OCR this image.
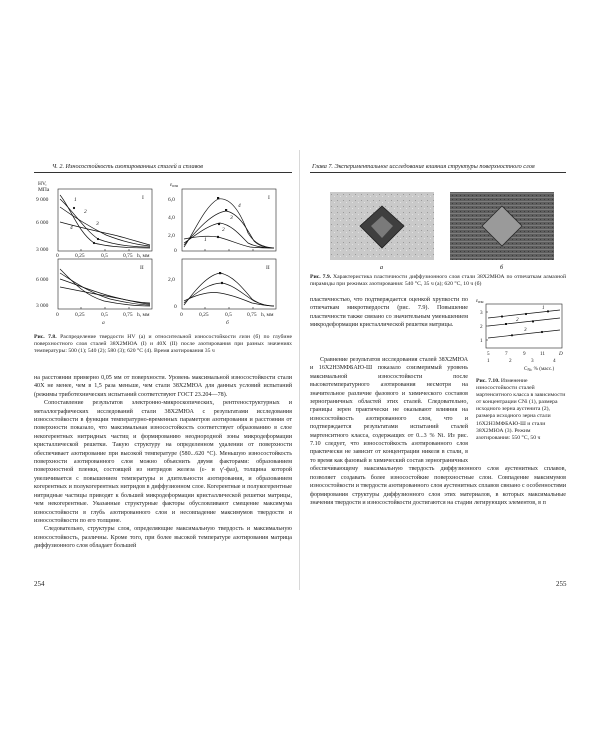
Ч. 2. Износостойкость азотированных сталей и сплавов
HV,
МПа
9 000
6 000
3 000
6 000
3 000
εизн
6,0
4,0
2,0
0
2,0
0
0	0,25	0,5	0,75 h, мм
0	0,25	0,5	0,75 h, мм	0	0,25	0,5	0,75 h, мм
а	б
I
II
I
II
1
2
3
4
4
3
2
1

Рис. 7.8. Распределение твердости HV (а) и относительной износостойкости εизн (б) по глубине поверхностного слоя сталей 38Х2МЮА (I) и 40Х (II) после азотирования при разных значениях температуры: 500 (1); 540 (2); 580 (3); 620 °C (4). Время азотирования 35 ч

на расстоянии примерно 0,05 мм от поверхности. Уровень максимальной износостойкости стали 40Х не менее, чем в 1,5 раза меньше, чем стали 38Х2МЮА для данных условий испытаний (режимы триботехнических испытаний соответствуют ГОСТ 23.204—78).

Сопоставление результатов электронно-микроскопических, рентгеноструктурных и металлографических исследований стали 38Х2МЮА с результатами исследования износостойкости в функции температурно-временных параметров азотирования и расстояния от поверхности показало, что максимальная износостойкость соответствует образованию в слое некогерентных нитридных частиц и формированию неоднородной зоны микродеформации кристаллической решетки. Такую структуру на определенном удалении от поверхности обеспечивает азотирование при высокой температуре (580...620 °C). Меньшую износостойкость поверхности азотированного слоя можно объяснить двумя факторами: образованием поверхностной пленки, состоящей из нитридов железа (ε- и γ′-фаз), толщина которой увеличивается с повышением температуры и длительности азотирования, и образованием когерентных и полукогерентных нитридов в диффузионном слое. Когерентные и полукогерентные нитридные частицы приводят к большей микродеформации кристаллической решетки матрицы, чем некогерентные. Указанные структурные факторы обусловливают смещение максимума износостойкости в глубь азотированного слоя и несовпадение максимумов твердости и износостойкости по его толщине.

Следовательно, структуры слоя, определяющие максимальную твердость и максимальную износостойкость, различны. Кроме того, при более высокой температуре азотирования матрица диффузионного слоя обладает большей

254
Глава 7. Экспериментальное исследование влияния структуры поверхностного слоя
а	б

Рис. 7.9. Характеристика пластичности диффузионного слоя стали 38Х2МЮА по отпечаткам алмазной пирамиды при режимах азотирования: 540 °C, 35 ч (а); 620 °C, 10 ч (б)

εизн
3
2
1
5	7	9	11	D
1	2	3	4
CNi, % (масс.)
1
2
3

Рис. 7.10. Изменение износостойкости сталей мартенситного класса в зависимости от концентрации CNi (1), размера исходного зерна аустенита (2), размера исходного зерна стали 16Х2Н3МФБАЮ-Ш и стали 38Х2МЮА (3). Режим азотирования: 550 °C, 50 ч

пластичностью, что подтверждается оценкой хрупкости по отпечаткам микротвердости (рис. 7.9). Повышение пластичности также связано со значительным уменьшением микродеформации кристаллической решетки матрицы.

Сравнение результатов исследования сталей 38Х2МЮА и 16Х2Н3МФБАЮ-Ш показало соизмеримый уровень максимальной износостойкости после высокотемпературного азотирования несмотря на значительное различие фазового и химического составов зернограничных областей этих сталей. Следовательно, границы зерен практически не оказывают влияния на износостойкость азотированного слоя, что и подтверждается результатами испытаний сталей мартенситного класса, содержащих от 0...3 % Ni. Из рис. 7.10 следует, что износостойкость азотированного слоя практически не зависит от концентрации никеля в стали, в то время как фазовый и химический состав зернограничных

обеспечивающему максимальную твердость диффузионного слоя аустенитных сплавов, позволяет создавать более износостойкие поверхностные слои. Совпадение максимумов износостойкости и твердости азотированного слоя аустенитных сплавов связано с особенностями формирования структуры диффузионного слоя этих материалов, в которых максимальные значения твердости и износостойкости достигаются на стадии легирующих элементов, в п

255
